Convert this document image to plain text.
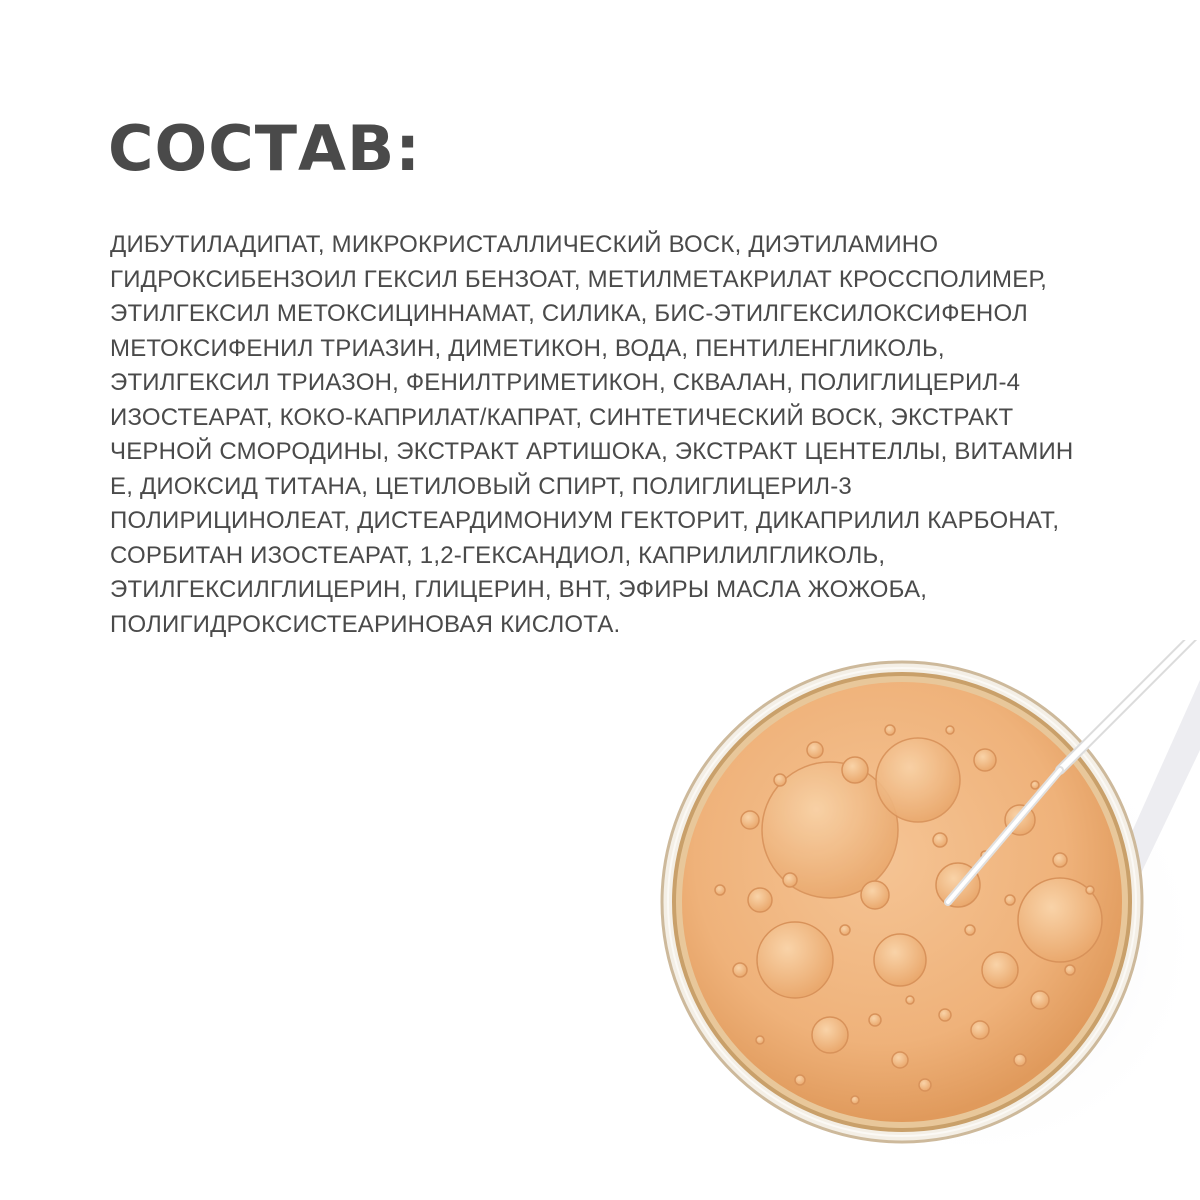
СОСТАВ:
ДИБУТИЛАДИПАТ, МИКРОКРИСТАЛЛИЧЕСКИЙ ВОСК, ДИЭТИЛАМИНО
ГИДРОКСИБЕНЗОИЛ ГЕКСИЛ БЕНЗОАТ, МЕТИЛМЕТАКРИЛАТ КРОССПОЛИМЕР,
ЭТИЛГЕКСИЛ МЕТОКСИЦИННАМАТ, СИЛИКА, БИС-ЭТИЛГЕКСИЛОКСИФЕНОЛ
МЕТОКСИФЕНИЛ ТРИАЗИН, ДИМЕТИКОН, ВОДА, ПЕНТИЛЕНГЛИКОЛЬ,
ЭТИЛГЕКСИЛ ТРИАЗОН, ФЕНИЛТРИМЕТИКОН, СКВАЛАН, ПОЛИГЛИЦЕРИЛ-4
ИЗОСТЕАРАТ, КОКО-КАПРИЛАТ/КАПРАТ, СИНТЕТИЧЕСКИЙ ВОСК, ЭКСТРАКТ
ЧЕРНОЙ СМОРОДИНЫ, ЭКСТРАКТ АРТИШОКА, ЭКСТРАКТ ЦЕНТЕЛЛЫ, ВИТАМИН
Е, ДИОКСИД ТИТАНА, ЦЕТИЛОВЫЙ СПИРТ, ПОЛИГЛИЦЕРИЛ-3
ПОЛИРИЦИНОЛЕАТ, ДИСТЕАРДИМОНИУМ ГЕКТОРИТ, ДИКАПРИЛИЛ КАРБОНАТ,
СОРБИТАН ИЗОСТЕАРАТ, 1,2-ГЕКСАНДИОЛ, КАПРИЛИЛГЛИКОЛЬ,
ЭТИЛГЕКСИЛГЛИЦЕРИН, ГЛИЦЕРИН, BHT, ЭФИРЫ МАСЛА ЖОЖОБА,
ПОЛИГИДРОКСИСТЕАРИНОВАЯ КИСЛОТА.
